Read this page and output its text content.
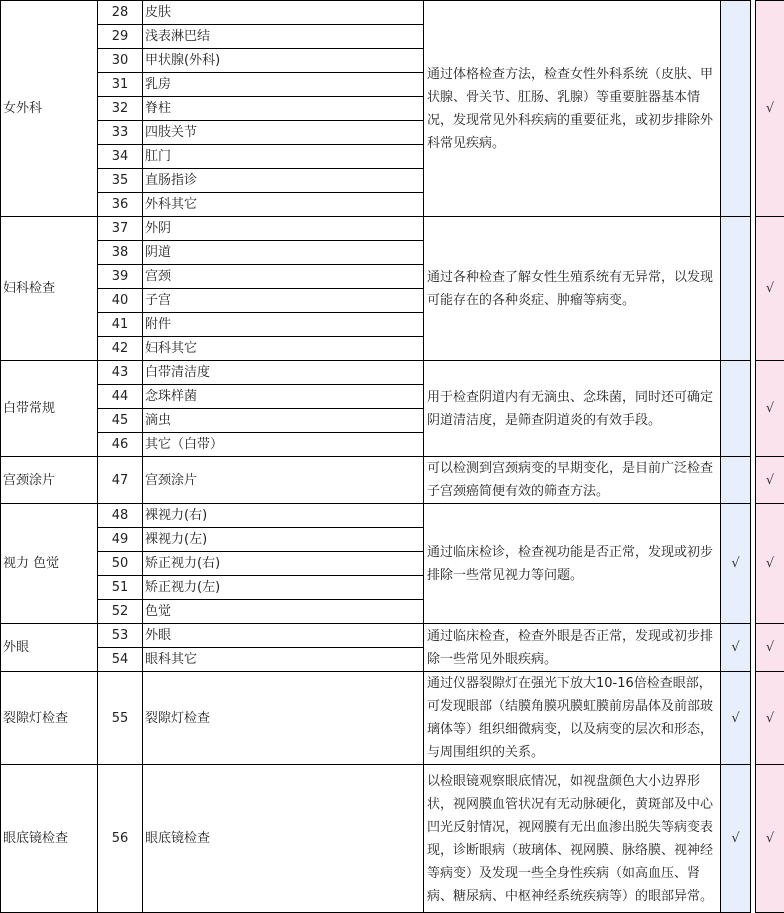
女外科	28	皮肤	通过体格检查方法，检查女性外科系统（皮肤、甲状腺、骨关节、肛肠、乳腺）等重要脏器基本情况，发现常见外科疾病的重要征兆，或初步排除外科常见疾病。			√
	29	浅表淋巴结				
	30	甲状腺(外科)				
	31	乳房				
	32	脊柱				
	33	四肢关节				
	34	肛门				
	35	直肠指诊				
	36	外科其它				
妇科检查	37	外阴	通过各种检查了解女性生殖系统有无异常，以发现可能存在的各种炎症、肿瘤等病变。			√
	38	阴道				
	39	宫颈				
	40	子宫				
	41	附件				
	42	妇科其它				
白带常规	43	白带清洁度	用于检查阴道内有无滴虫、念珠菌，同时还可确定阴道清洁度，是筛查阴道炎的有效手段。			√
	44	念珠样菌				
	45	滴虫				
	46	其它（白带）				
宫颈涂片	47	宫颈涂片	可以检测到宫颈病变的早期变化，是目前广泛检查子宫颈癌简便有效的筛查方法。			√
视力 色觉	48	裸视力(右)	通过临床检诊，检查视功能是否正常，发现或初步排除一些常见视力等问题。	√		√
	49	裸视力(左)				
	50	矫正视力(右)				
	51	矫正视力(左)				
	52	色觉				
外眼	53	外眼	通过临床检查，检查外眼是否正常，发现或初步排除一些常见外眼疾病。	√		√
	54	眼科其它				
裂隙灯检查	55	裂隙灯检查	通过仪器裂隙灯在强光下放大10-16倍检查眼部，可发现眼部（结膜角膜巩膜虹膜前房晶体及前部玻璃体等）组织细微病变，以及病变的层次和形态，与周围组织的关系。	√		√
眼底镜检查	56	眼底镜检查	以检眼镜观察眼底情况，如视盘颜色大小边界形状，视网膜血管状况有无动脉硬化，黄斑部及中心凹光反射情况，视网膜有无出血渗出脱失等病变表现，诊断眼病（玻璃体、视网膜、脉络膜、视神经等病变）及发现一些全身性疾病（如高血压、肾病、糖尿病、中枢神经系统疾病等）的眼部异常。	√		√
